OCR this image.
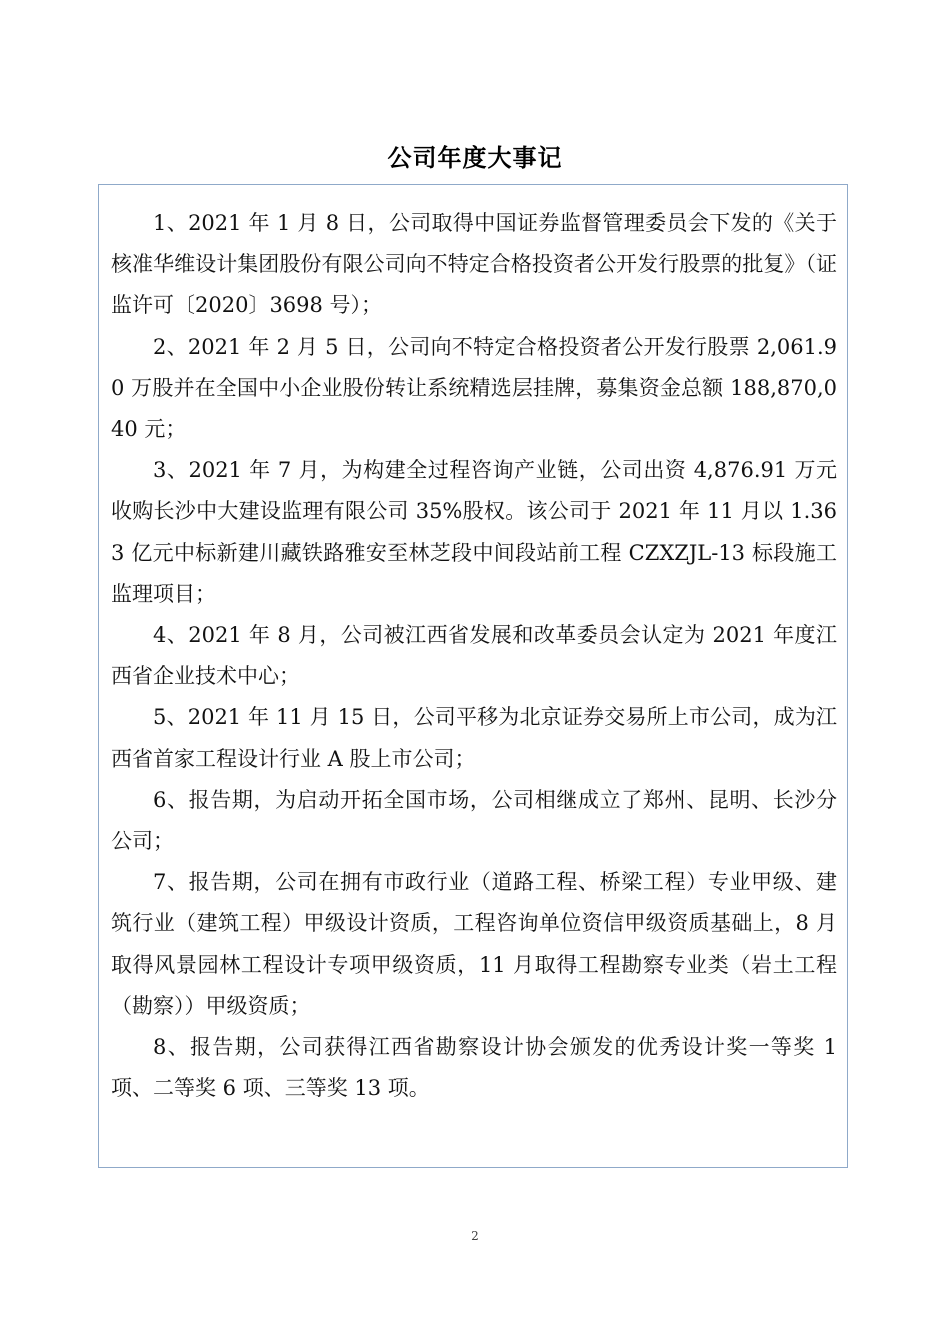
公司年度大事记

1、2021 年 1 月 8 日，公司取得中国证券监督管理委员会下发的《关于核准华维设计集团股份有限公司向不特定合格投资者公开发行股票的批复》（证监许可〔2020〕3698 号）；

2、2021 年 2 月 5 日，公司向不特定合格投资者公开发行股票 2,061.90 万股并在全国中小企业股份转让系统精选层挂牌，募集资金总额 188,870,040 元；

3、2021 年 7 月，为构建全过程咨询产业链，公司出资 4,876.91 万元收购长沙中大建设监理有限公司 35%股权。该公司于 2021 年 11 月以 1.363 亿元中标新建川藏铁路雅安至林芝段中间段站前工程 CZXZJL-13 标段施工监理项目；

4、2021 年 8 月，公司被江西省发展和改革委员会认定为 2021 年度江西省企业技术中心；

5、2021 年 11 月 15 日，公司平移为北京证券交易所上市公司，成为江西省首家工程设计行业 A 股上市公司；

6、报告期，为启动开拓全国市场，公司相继成立了郑州、昆明、长沙分公司；

7、报告期，公司在拥有市政行业（道路工程、桥梁工程）专业甲级、建筑行业（建筑工程）甲级设计资质，工程咨询单位资信甲级资质基础上，8 月取得风景园林工程设计专项甲级资质，11 月取得工程勘察专业类（岩土工程（勘察））甲级资质；

8、报告期，公司获得江西省勘察设计协会颁发的优秀设计奖一等奖 1 项、二等奖 6 项、三等奖 13 项。

2
